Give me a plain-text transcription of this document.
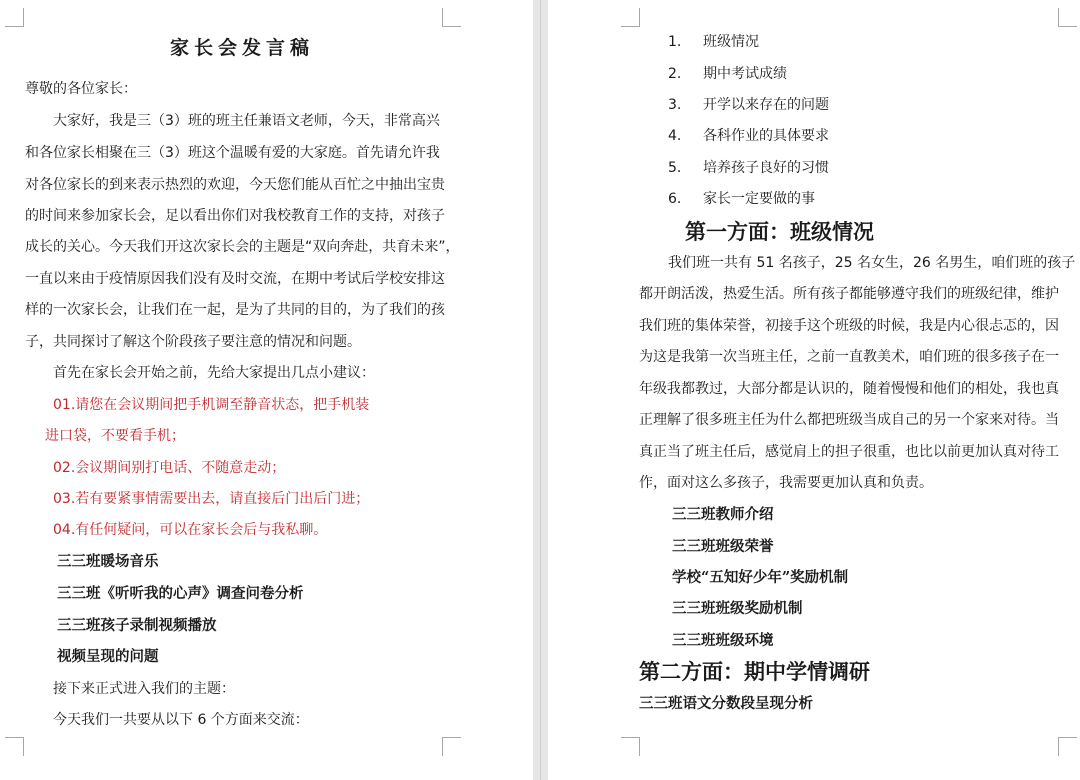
家长会发言稿
尊敬的各位家长：
大家好，我是三（3）班的班主任兼语文老师，今天，非常高兴
和各位家长相聚在三（3）班这个温暖有爱的大家庭。首先请允许我
对各位家长的到来表示热烈的欢迎，今天您们能从百忙之中抽出宝贵
的时间来参加家长会，足以看出你们对我校教育工作的支持，对孩子
成长的关心。今天我们开这次家长会的主题是“双向奔赴，共育未来”，
一直以来由于疫情原因我们没有及时交流，在期中考试后学校安排这
样的一次家长会，让我们在一起，是为了共同的目的，为了我们的孩
子，共同探讨了解这个阶段孩子要注意的情况和问题。
首先在家长会开始之前，先给大家提出几点小建议：
01.请您在会议期间把手机调至静音状态，把手机装
进口袋，不要看手机；
02.会议期间别打电话、不随意走动；
03.若有要紧事情需要出去，请直接后门出后门进；
04.有任何疑问，可以在家长会后与我私聊。
三三班暖场音乐
三三班《听听我的心声》调查问卷分析
三三班孩子录制视频播放
视频呈现的问题
接下来正式进入我们的主题：
今天我们一共要从以下 6 个方面来交流：
1. 班级情况
2. 期中考试成绩
3. 开学以来存在的问题
4. 各科作业的具体要求
5. 培养孩子良好的习惯
6. 家长一定要做的事
第一方面：班级情况
我们班一共有 51 名孩子，25 名女生，26 名男生，咱们班的孩子
都开朗活泼，热爱生活。所有孩子都能够遵守我们的班级纪律，维护
我们班的集体荣誉，初接手这个班级的时候，我是内心很忐忑的，因
为这是我第一次当班主任，之前一直教美术，咱们班的很多孩子在一
年级我都教过，大部分都是认识的，随着慢慢和他们的相处，我也真
正理解了很多班主任为什么都把班级当成自己的另一个家来对待。当
真正当了班主任后，感觉肩上的担子很重，也比以前更加认真对待工
作，面对这么多孩子，我需要更加认真和负责。
三三班教师介绍
三三班班级荣誉
学校“五知好少年”奖励机制
三三班班级奖励机制
三三班班级环境
第二方面：期中学情调研
三三班语文分数段呈现分析
